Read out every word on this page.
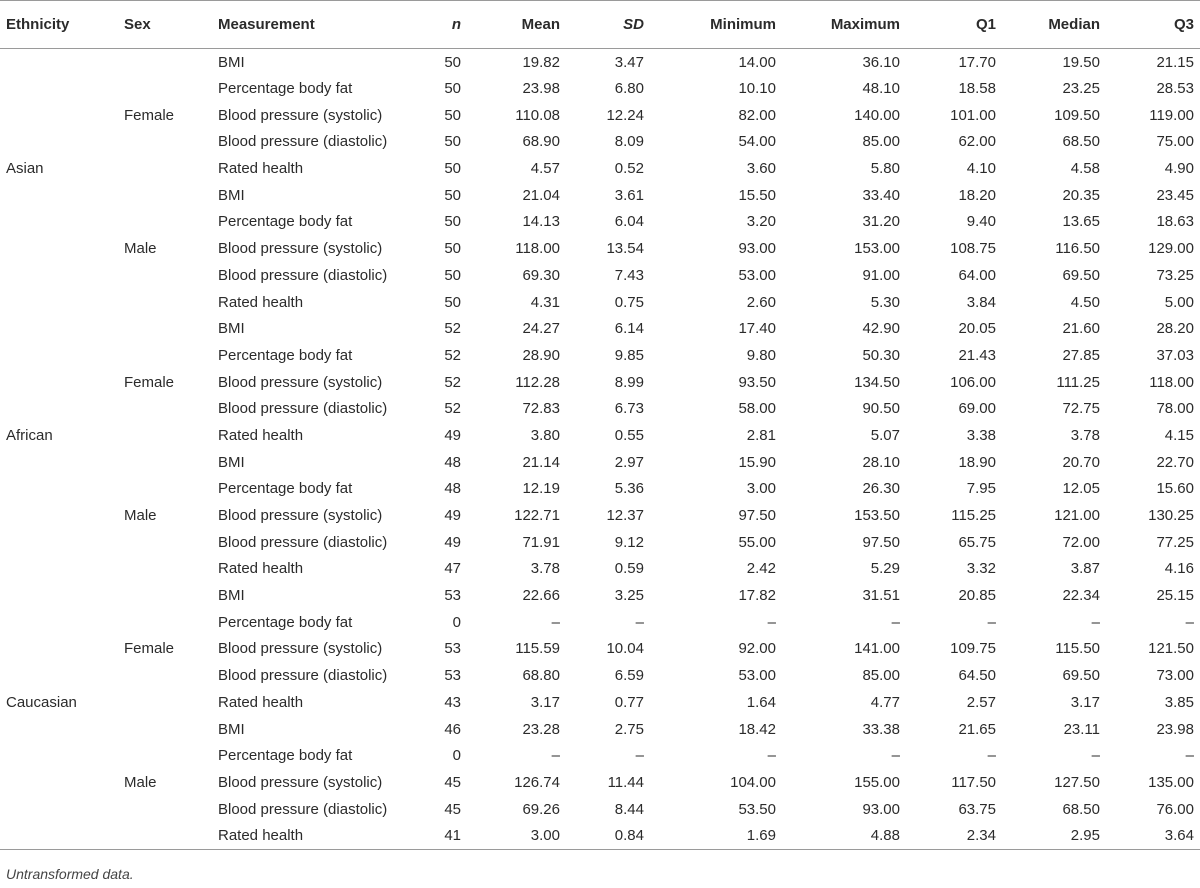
Ethnicity	Sex	Measurement	n	Mean	SD	Minimum	Maximum	Q1	Median	Q3
		BMI	50	19.82	3.47	14.00	36.10	17.70	19.50	21.15
		Percentage body fat	50	23.98	6.80	10.10	48.10	18.58	23.25	28.53
	Female	Blood pressure (systolic)	50	110.08	12.24	82.00	140.00	101.00	109.50	119.00
		Blood pressure (diastolic)	50	68.90	8.09	54.00	85.00	62.00	68.50	75.00
Asian		Rated health	50	4.57	0.52	3.60	5.80	4.10	4.58	4.90
		BMI	50	21.04	3.61	15.50	33.40	18.20	20.35	23.45
		Percentage body fat	50	14.13	6.04	3.20	31.20	9.40	13.65	18.63
	Male	Blood pressure (systolic)	50	118.00	13.54	93.00	153.00	108.75	116.50	129.00
		Blood pressure (diastolic)	50	69.30	7.43	53.00	91.00	64.00	69.50	73.25
		Rated health	50	4.31	0.75	2.60	5.30	3.84	4.50	5.00
		BMI	52	24.27	6.14	17.40	42.90	20.05	21.60	28.20
		Percentage body fat	52	28.90	9.85	9.80	50.30	21.43	27.85	37.03
	Female	Blood pressure (systolic)	52	112.28	8.99	93.50	134.50	106.00	111.25	118.00
		Blood pressure (diastolic)	52	72.83	6.73	58.00	90.50	69.00	72.75	78.00
African		Rated health	49	3.80	0.55	2.81	5.07	3.38	3.78	4.15
		BMI	48	21.14	2.97	15.90	28.10	18.90	20.70	22.70
		Percentage body fat	48	12.19	5.36	3.00	26.30	7.95	12.05	15.60
	Male	Blood pressure (systolic)	49	122.71	12.37	97.50	153.50	115.25	121.00	130.25
		Blood pressure (diastolic)	49	71.91	9.12	55.00	97.50	65.75	72.00	77.25
		Rated health	47	3.78	0.59	2.42	5.29	3.32	3.87	4.16
		BMI	53	22.66	3.25	17.82	31.51	20.85	22.34	25.15
		Percentage body fat	0	–	–	–	–	–	–	–
	Female	Blood pressure (systolic)	53	115.59	10.04	92.00	141.00	109.75	115.50	121.50
		Blood pressure (diastolic)	53	68.80	6.59	53.00	85.00	64.50	69.50	73.00
Caucasian		Rated health	43	3.17	0.77	1.64	4.77	2.57	3.17	3.85
		BMI	46	23.28	2.75	18.42	33.38	21.65	23.11	23.98
		Percentage body fat	0	–	–	–	–	–	–	–
	Male	Blood pressure (systolic)	45	126.74	11.44	104.00	155.00	117.50	127.50	135.00
		Blood pressure (diastolic)	45	69.26	8.44	53.50	93.00	63.75	68.50	76.00
		Rated health	41	3.00	0.84	1.69	4.88	2.34	2.95	3.64
Untransformed data.
